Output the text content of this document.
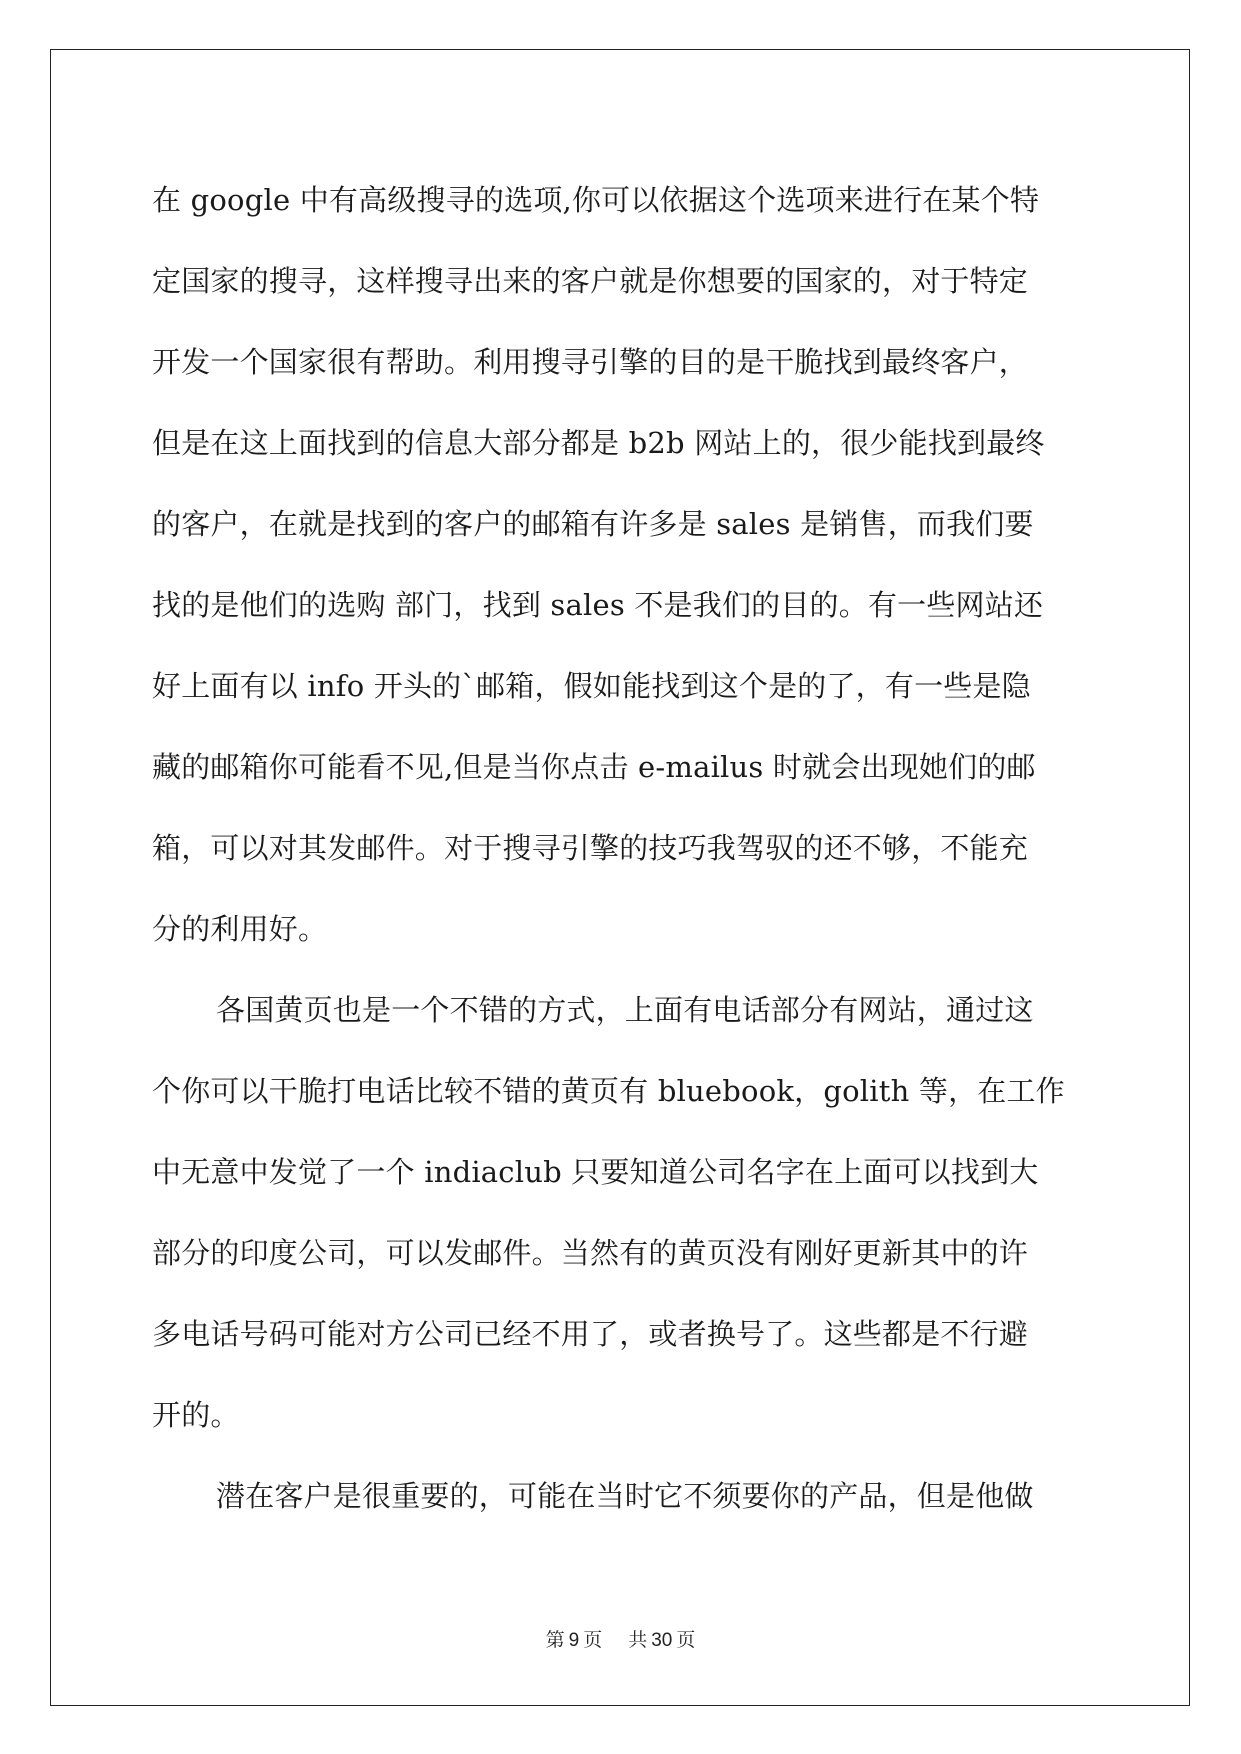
在 google 中有高级搜寻的选项,你可以依据这个选项来进行在某个特
定国家的搜寻，这样搜寻出来的客户就是你想要的国家的，对于特定
开发一个国家很有帮助。利用搜寻引擎的目的是干脆找到最终客户，
但是在这上面找到的信息大部分都是 b2b 网站上的，很少能找到最终
的客户，在就是找到的客户的邮箱有许多是 sales 是销售，而我们要
找的是他们的选购 部门，找到 sales 不是我们的目的。有一些网站还
好上面有以 info 开头的`邮箱，假如能找到这个是的了，有一些是隐
藏的邮箱你可能看不见,但是当你点击 e-mailus 时就会出现她们的邮
箱，可以对其发邮件。对于搜寻引擎的技巧我驾驭的还不够，不能充
分的利用好。
各国黄页也是一个不错的方式，上面有电话部分有网站，通过这
个你可以干脆打电话比较不错的黄页有 bluebook，golith 等，在工作
中无意中发觉了一个 indiaclub 只要知道公司名字在上面可以找到大
部分的印度公司，可以发邮件。当然有的黄页没有刚好更新其中的许
多电话号码可能对方公司已经不用了，或者换号了。这些都是不行避
开的。
潜在客户是很重要的，可能在当时它不须要你的产品，但是他做
第 9 页 共 30 页
